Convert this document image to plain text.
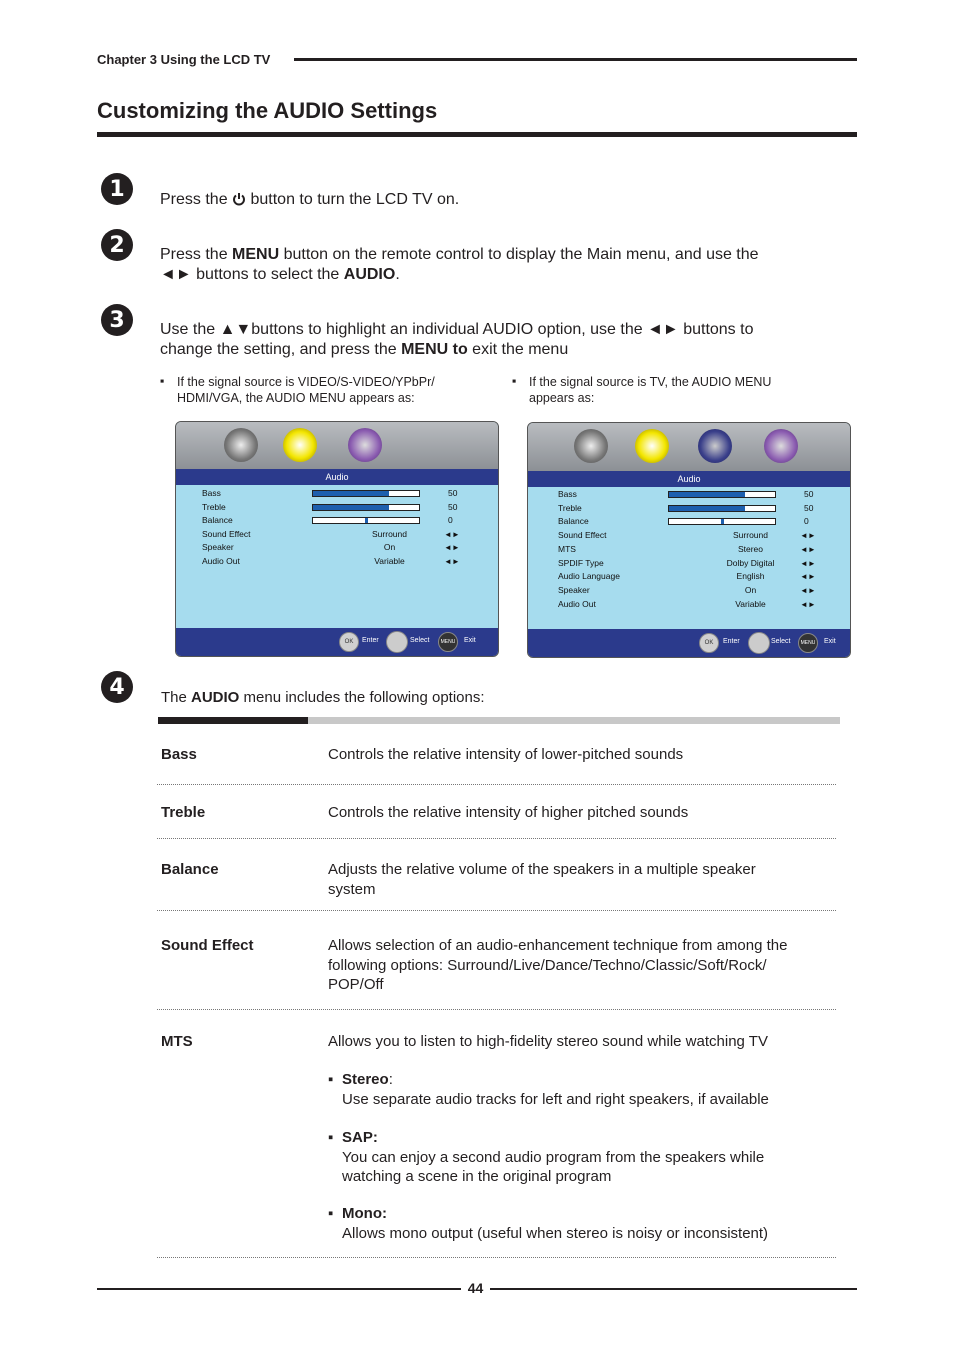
Chapter 3 Using the LCD TV
Customizing the AUDIO Settings
1	Press the  button to turn the LCD TV on.
2	Press the MENU button on the remote control to display the Main menu, and use the
◄► buttons to select the AUDIO.
3	Use the ▲▼buttons to highlight an individual AUDIO option, use the ◄► buttons to
change the setting, and press the MENU to exit the menu
▪ If the signal source is VIDEO/S-VIDEO/YPbPr/ HDMI/VGA, the AUDIO MENU appears as:
▪ If the signal source is TV, the AUDIO MENU appears as:
Audio
Bass	50
Treble	50
Balance	0
Sound Effect	Surround	◄►
Speaker	On	◄►
Audio Out	Variable	◄►
OK	Enter	Select	MENU	Exit
Audio
Bass	50
Treble	50
Balance	0
Sound Effect	Surround	◄►
MTS	Stereo	◄►
SPDIF Type	Dolby Digital	◄►
Audio Language	English	◄►
Speaker	On	◄►
Audio Out	Variable	◄►
OK	Enter	Select	MENU	Exit
4	The AUDIO menu includes the following options:
Bass	Controls the relative intensity of lower-pitched sounds
Treble	Controls the relative intensity of higher pitched sounds
Balance	Adjusts the relative volume of the speakers in a multiple speaker system
Sound Effect	Allows selection of an audio-enhancement technique from among the following options: Surround/Live/Dance/Techno/Classic/Soft/Rock/ POP/Off
MTS	Allows you to listen to high-fidelity stereo sound while watching TV
▪ Stereo:
Use separate audio tracks for left and right speakers, if available
▪ SAP:
You can enjoy a second audio program from the speakers while watching a scene in the original program
▪ Mono:
Allows mono output (useful when stereo is noisy or inconsistent)
44
